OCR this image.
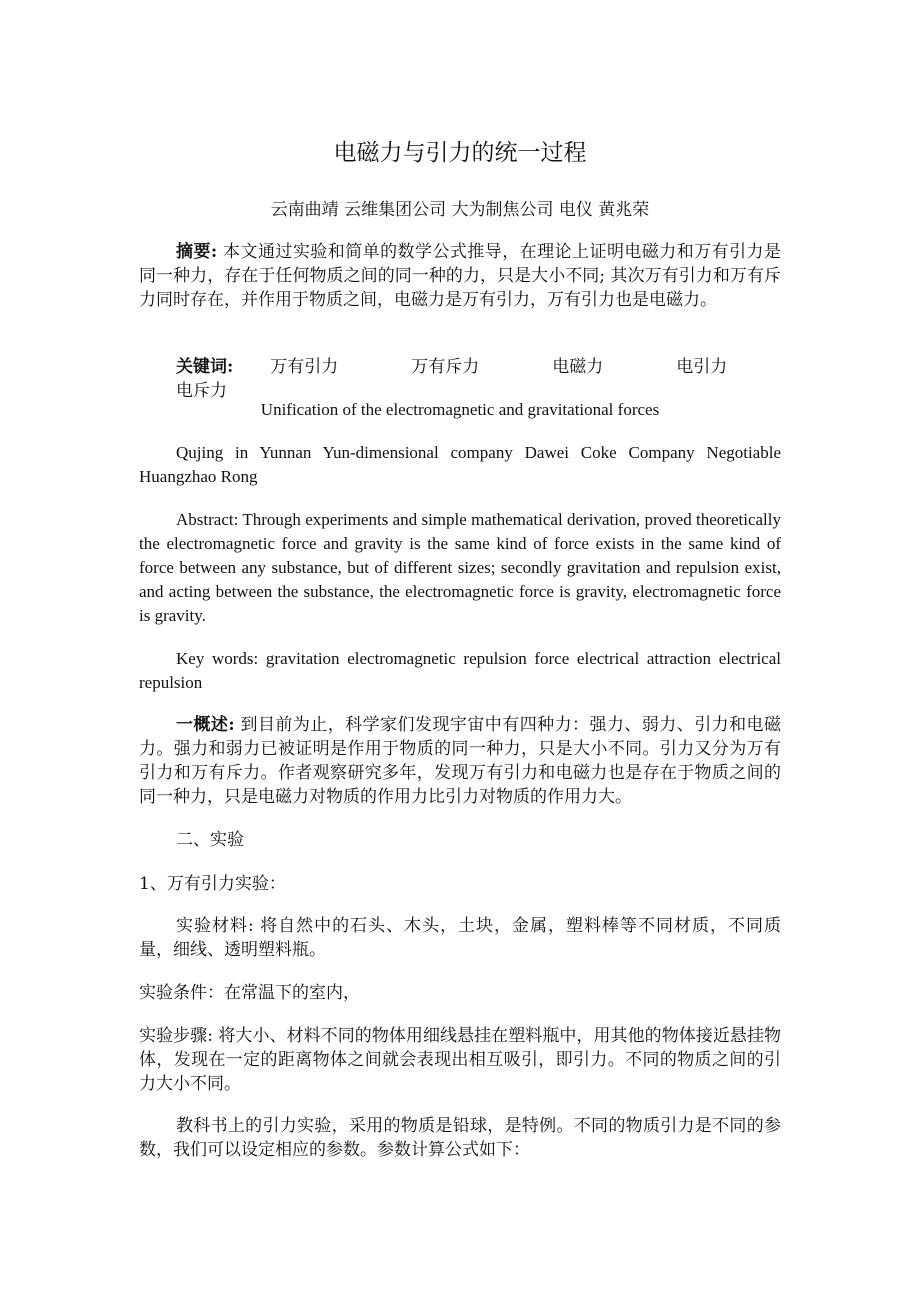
电磁力与引力的统一过程
云南曲靖 云维集团公司 大为制焦公司 电仪 黄兆荣
摘要: 本文通过实验和简单的数学公式推导，在理论上证明电磁力和万有引力是同一种力，存在于任何物质之间的同一种的力，只是大小不同; 其次万有引力和万有斥力同时存在，并作用于物质之间，电磁力是万有引力，万有引力也是电磁力。
关键词: 万有引力	万有斥力	电磁力	电引力电斥力
Unification of the electromagnetic and gravitational forces
Qujing in Yunnan Yun-dimensional company Dawei Coke Company Negotiable Huangzhao Rong
Abstract: Through experiments and simple mathematical derivation, proved theoretically the electromagnetic force and gravity is the same kind of force exists in the same kind of force between any substance, but of different sizes; secondly gravitation and repulsion exist, and acting between the substance, the electromagnetic force is gravity, electromagnetic force is gravity.
Key words: gravitation electromagnetic repulsion force electrical attraction electrical repulsion
一概述: 到目前为止，科学家们发现宇宙中有四种力：强力、弱力、引力和电磁力。强力和弱力已被证明是作用于物质的同一种力，只是大小不同。引力又分为万有引力和万有斥力。作者观察研究多年，发现万有引力和电磁力也是存在于物质之间的同一种力，只是电磁力对物质的作用力比引力对物质的作用力大。
二、实验
1、万有引力实验：
实验材料: 将自然中的石头、木头，土块，金属，塑料棒等不同材质，不同质量，细线、透明塑料瓶。
实验条件：在常温下的室内，
实验步骤: 将大小、材料不同的物体用细线悬挂在塑料瓶中，用其他的物体接近悬挂物体，发现在一定的距离物体之间就会表现出相互吸引，即引力。不同的物质之间的引力大小不同。
教科书上的引力实验，采用的物质是铅球，是特例。不同的物质引力是不同的参数，我们可以设定相应的参数。参数计算公式如下：
